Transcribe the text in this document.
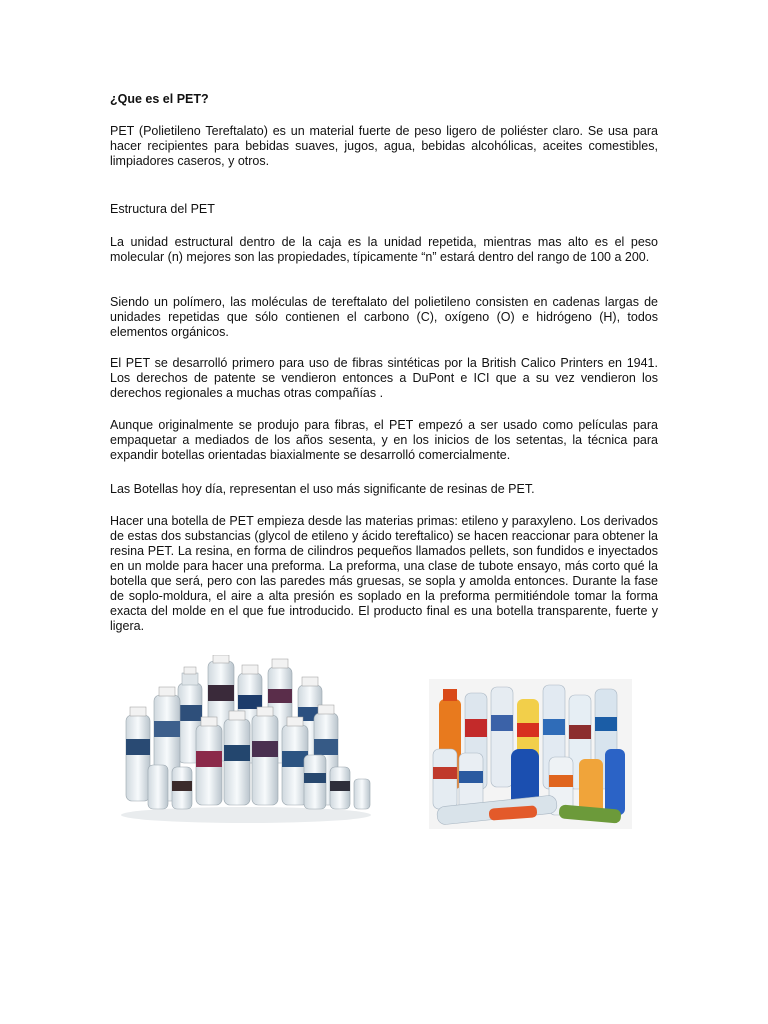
¿Que es el PET?

PET (Polietileno Tereftalato) es un material fuerte de peso ligero de poliéster claro. Se usa para hacer recipientes para bebidas suaves, jugos, agua, bebidas alcohólicas, aceites comestibles, limpiadores caseros, y otros.

Estructura del PET

La unidad estructural dentro de la caja es la unidad repetida, mientras mas alto es el peso molecular (n) mejores son las propiedades, típicamente “n” estará dentro del rango de 100 a 200.

Siendo un polímero, las moléculas de tereftalato del polietileno consisten en cadenas largas de unidades repetidas que sólo contienen el carbono (C), oxígeno (O) e hidrógeno (H), todos elementos orgánicos.

El PET se desarrolló primero para uso de fibras sintéticas por la British Calico Printers en 1941. Los derechos de patente se vendieron entonces a DuPont e ICI que a su vez vendieron los derechos regionales a muchas otras compañías .

Aunque originalmente se produjo para fibras, el PET empezó a ser usado como películas para empaquetar a mediados de los años sesenta, y en los inicios de los setentas, la técnica para expandir botellas orientadas biaxialmente se desarrolló comercialmente.

Las Botellas hoy día, representan el uso más significante de resinas de PET.

Hacer una botella de PET empieza desde las materias primas: etileno y paraxyleno. Los derivados de estas dos substancias (glycol de etileno y ácido tereftalico) se hacen reaccionar para obtener la resina PET. La resina, en forma de cilindros pequeños llamados pellets, son fundidos e inyectados en un molde para hacer una preforma. La preforma, una clase de tubote ensayo, más corto qué la botella que será, pero con las paredes más gruesas, se sopla y amolda entonces. Durante la fase de soplo-moldura, el aire a alta presión es soplado en la preforma permitiéndole tomar la forma exacta del molde en el que fue introducido. El producto final es una botella transparente, fuerte y ligera.
